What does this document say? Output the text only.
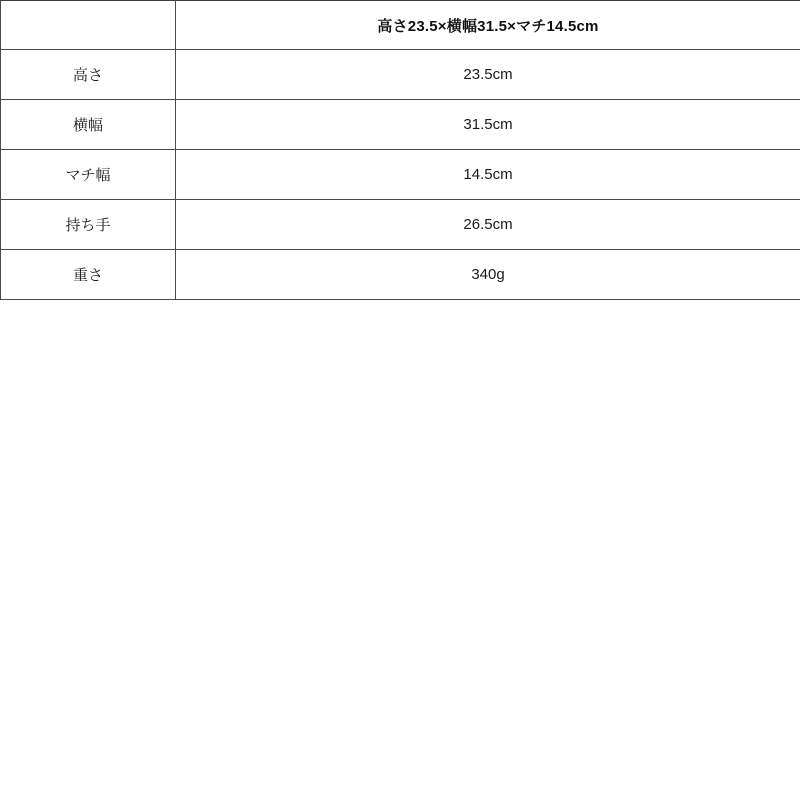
	高さ23.5×横幅31.5×マチ14.5cm
高さ	23.5cm
横幅	31.5cm
マチ幅	14.5cm
持ち手	26.5cm
重さ	340g
